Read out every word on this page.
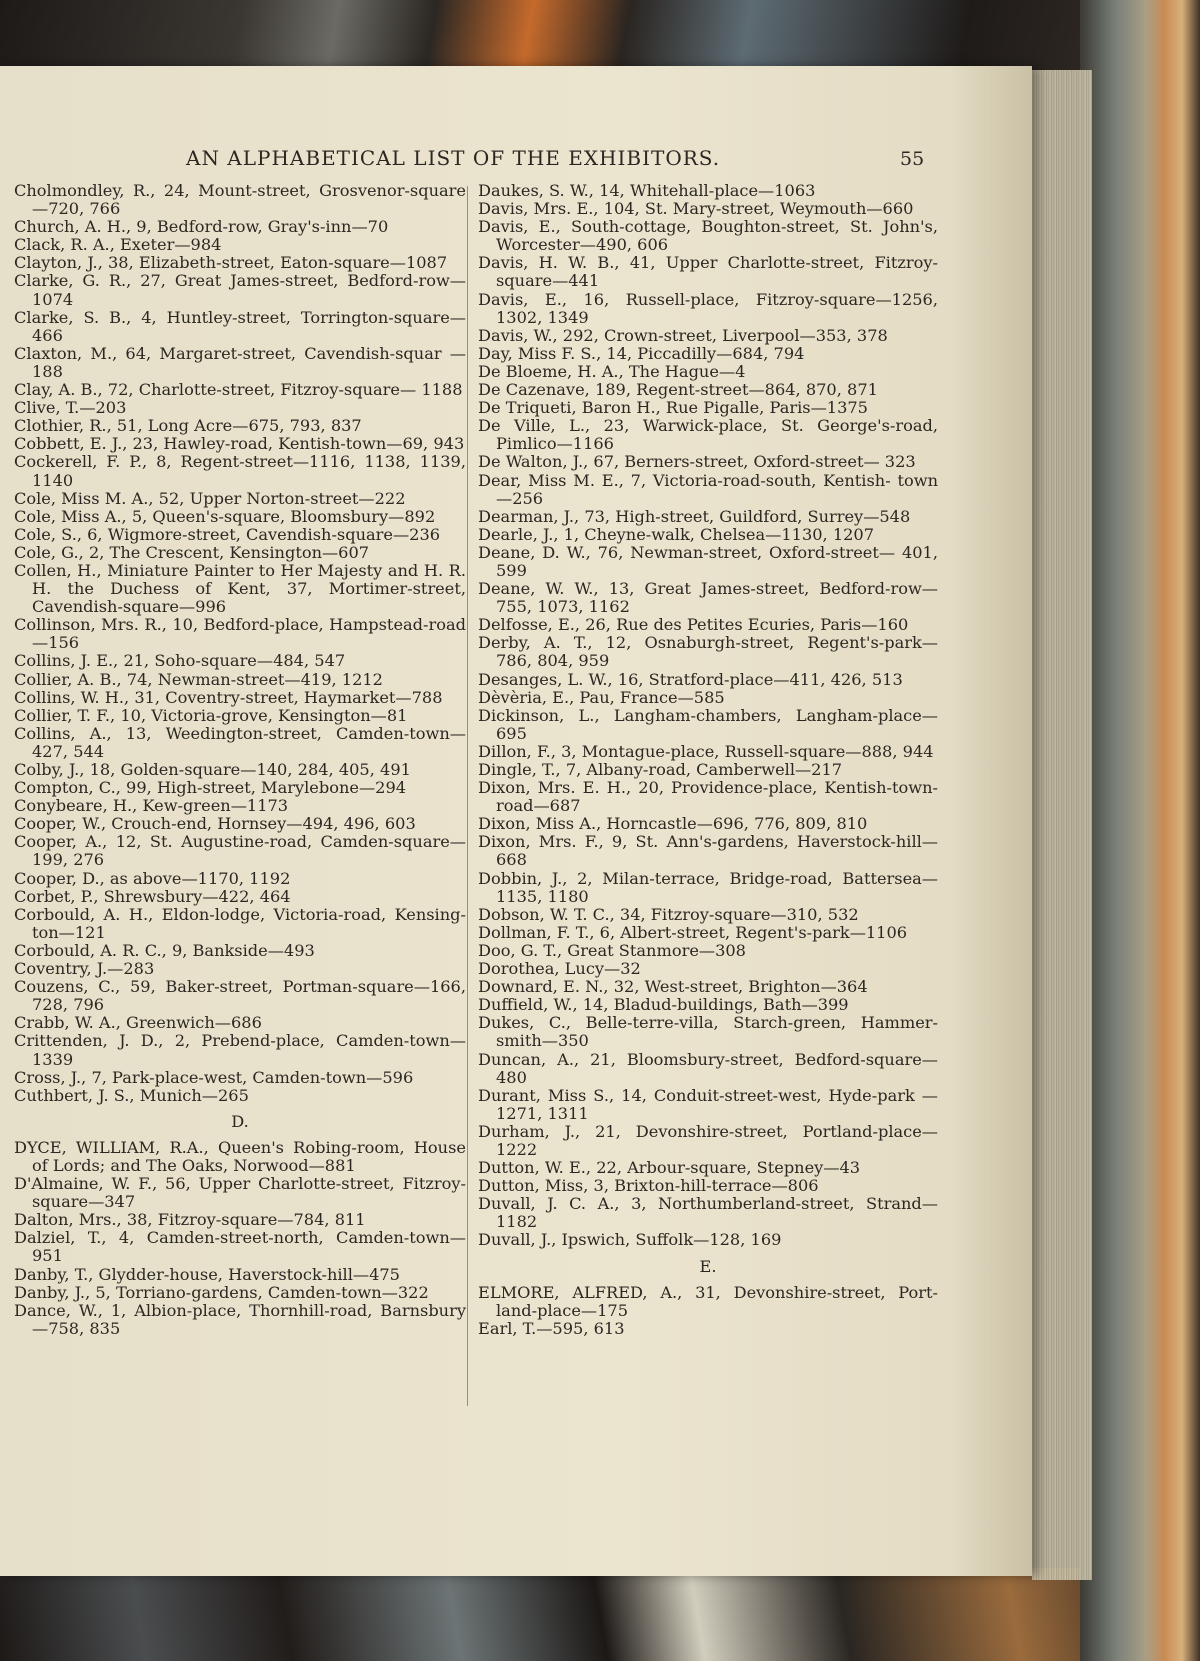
AN ALPHABETICAL LIST OF THE EXHIBITORS.	55

Cholmondley, R., 24, Mount-street, Grosvenor-square —720, 766

Church, A. H., 9, Bedford-row, Gray's-inn—70

Clack, R. A., Exeter—984

Clayton, J., 38, Elizabeth-street, Eaton-square—1087

Clarke, G. R., 27, Great James-street, Bedford-row— 1074

Clarke, S. B., 4, Huntley-street, Torrington-square— 466

Claxton, M., 64, Margaret-street, Cavendish-squar — 188

Clay, A. B., 72, Charlotte-street, Fitzroy-square— 1188

Clive, T.—203

Clothier, R., 51, Long Acre—675, 793, 837

Cobbett, E. J., 23, Hawley-road, Kentish-town—69, 943

Cockerell, F. P., 8, Regent-street—1116, 1138, 1139, 1140

Cole, Miss M. A., 52, Upper Norton-street—222

Cole, Miss A., 5, Queen's-square, Bloomsbury—892

Cole, S., 6, Wigmore-street, Cavendish-square—236

Cole, G., 2, The Crescent, Kensington—607

Collen, H., Miniature Painter to Her Majesty and H. R. H. the Duchess of Kent, 37, Mortimer-street, Cavendish-square—996

Collinson, Mrs. R., 10, Bedford-place, Hampstead-road —156

Collins, J. E., 21, Soho-square—484, 547

Collier, A. B., 74, Newman-street—419, 1212

Collins, W. H., 31, Coventry-street, Haymarket—788

Collier, T. F., 10, Victoria-grove, Kensington—81

Collins, A., 13, Weedington-street, Camden-town— 427, 544

Colby, J., 18, Golden-square—140, 284, 405, 491

Compton, C., 99, High-street, Marylebone—294

Conybeare, H., Kew-green—1173

Cooper, W., Crouch-end, Hornsey—494, 496, 603

Cooper, A., 12, St. Augustine-road, Camden-square— 199, 276

Cooper, D., as above—1170, 1192

Corbet, P., Shrewsbury—422, 464

Corbould, A. H., Eldon-lodge, Victoria-road, Kensing- ton—121

Corbould, A. R. C., 9, Bankside—493

Coventry, J.—283

Couzens, C., 59, Baker-street, Portman-square—166, 728, 796

Crabb, W. A., Greenwich—686

Crittenden, J. D., 2, Prebend-place, Camden-town— 1339

Cross, J., 7, Park-place-west, Camden-town—596

Cuthbert, J. S., Munich—265

D.

DYCE, WILLIAM, R.A., Queen's Robing-room, House of Lords; and The Oaks, Norwood—881

D'Almaine, W. F., 56, Upper Charlotte-street, Fitzroy- square—347

Dalton, Mrs., 38, Fitzroy-square—784, 811

Dalziel, T., 4, Camden-street-north, Camden-town— 951

Danby, T., Glydder-house, Haverstock-hill—475

Danby, J., 5, Torriano-gardens, Camden-town—322

Dance, W., 1, Albion-place, Thornhill-road, Barnsbury —758, 835

Daukes, S. W., 14, Whitehall-place—1063

Davis, Mrs. E., 104, St. Mary-street, Weymouth—660

Davis, E., South-cottage, Boughton-street, St. John's, Worcester—490, 606

Davis, H. W. B., 41, Upper Charlotte-street, Fitzroy- square—441

Davis, E., 16, Russell-place, Fitzroy-square—1256, 1302, 1349

Davis, W., 292, Crown-street, Liverpool—353, 378

Day, Miss F. S., 14, Piccadilly—684, 794

De Bloeme, H. A., The Hague—4

De Cazenave, 189, Regent-street—864, 870, 871

De Triqueti, Baron H., Rue Pigalle, Paris—1375

De Ville, L., 23, Warwick-place, St. George's-road, Pimlico—1166

De Walton, J., 67, Berners-street, Oxford-street— 323

Dear, Miss M. E., 7, Victoria-road-south, Kentish- town—256

Dearman, J., 73, High-street, Guildford, Surrey—548

Dearle, J., 1, Cheyne-walk, Chelsea—1130, 1207

Deane, D. W., 76, Newman-street, Oxford-street— 401, 599

Deane, W. W., 13, Great James-street, Bedford-row— 755, 1073, 1162

Delfosse, E., 26, Rue des Petites Ecuries, Paris—160

Derby, A. T., 12, Osnaburgh-street, Regent's-park— 786, 804, 959

Desanges, L. W., 16, Stratford-place—411, 426, 513

Dèvèria, E., Pau, France—585

Dickinson, L., Langham-chambers, Langham-place— 695

Dillon, F., 3, Montague-place, Russell-square—888, 944

Dingle, T., 7, Albany-road, Camberwell—217

Dixon, Mrs. E. H., 20, Providence-place, Kentish-town- road—687

Dixon, Miss A., Horncastle—696, 776, 809, 810

Dixon, Mrs. F., 9, St. Ann's-gardens, Haverstock-hill— 668

Dobbin, J., 2, Milan-terrace, Bridge-road, Battersea— 1135, 1180

Dobson, W. T. C., 34, Fitzroy-square—310, 532

Dollman, F. T., 6, Albert-street, Regent's-park—1106

Doo, G. T., Great Stanmore—308

Dorothea, Lucy—32

Downard, E. N., 32, West-street, Brighton—364

Duffield, W., 14, Bladud-buildings, Bath—399

Dukes, C., Belle-terre-villa, Starch-green, Hammer- smith—350

Duncan, A., 21, Bloomsbury-street, Bedford-square— 480

Durant, Miss S., 14, Conduit-street-west, Hyde-park —1271, 1311

Durham, J., 21, Devonshire-street, Portland-place— 1222

Dutton, W. E., 22, Arbour-square, Stepney—43

Dutton, Miss, 3, Brixton-hill-terrace—806

Duvall, J. C. A., 3, Northumberland-street, Strand— 1182

Duvall, J., Ipswich, Suffolk—128, 169

E.

ELMORE, ALFRED, A., 31, Devonshire-street, Port- land-place—175

Earl, T.—595, 613
